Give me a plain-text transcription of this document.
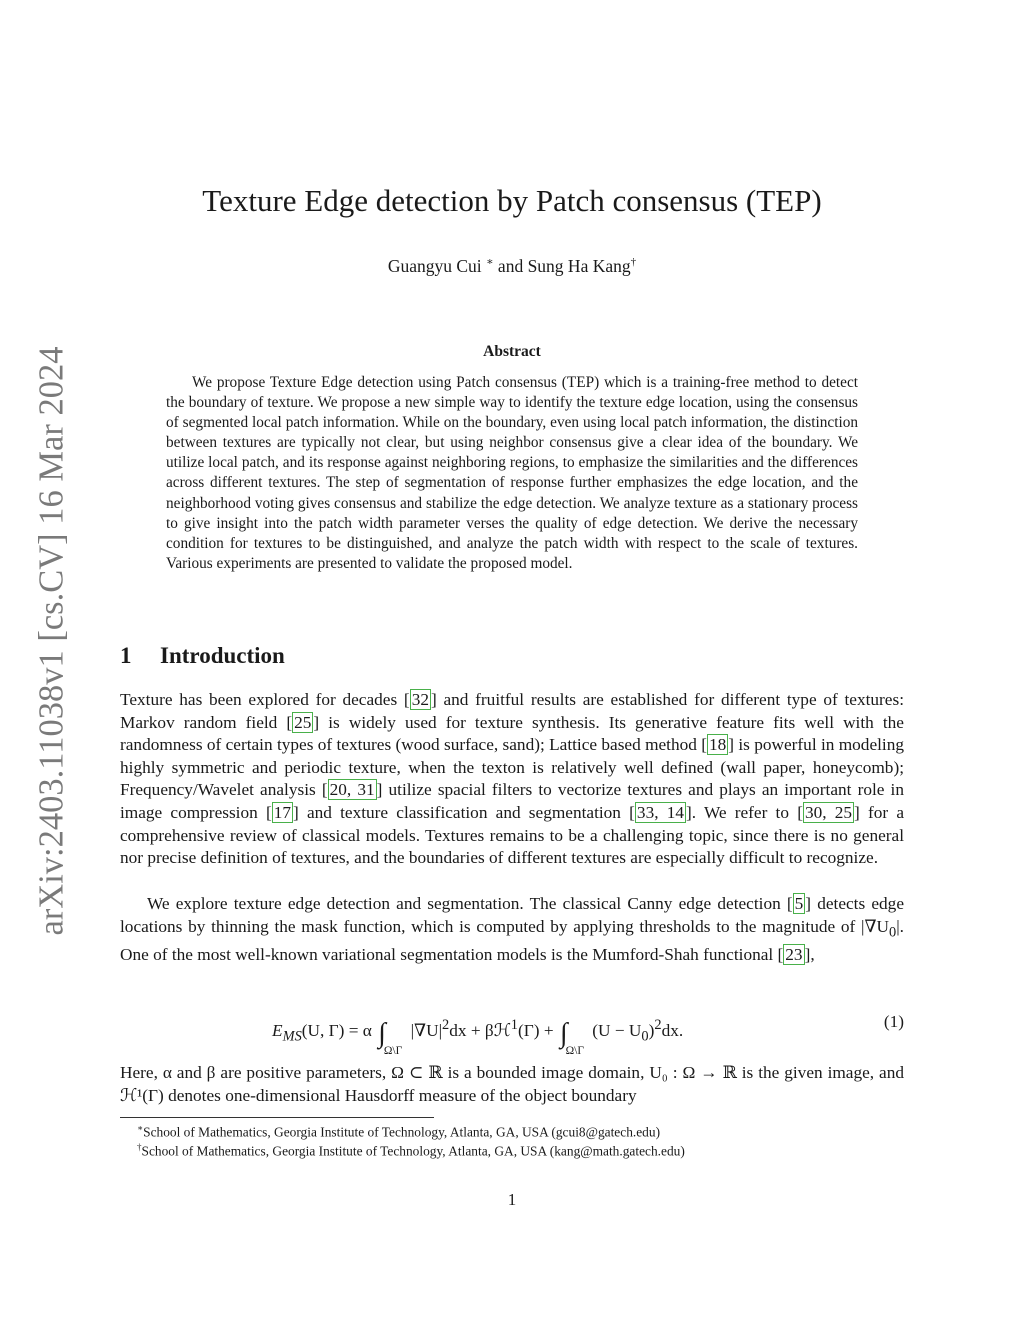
arXiv:2403.11038v1 [cs.CV] 16 Mar 2024
Texture Edge detection by Patch consensus (TEP)
Guangyu Cui ∗ and Sung Ha Kang†
Abstract

We propose Texture Edge detection using Patch consensus (TEP) which is a training-free method to detect the boundary of texture. We propose a new simple way to identify the texture edge location, using the consensus of segmented local patch information. While on the boundary, even using local patch information, the distinction between textures are typically not clear, but using neighbor consensus give a clear idea of the boundary. We utilize local patch, and its response against neighboring regions, to emphasize the similarities and the differences across different textures. The step of segmentation of response further emphasizes the edge location, and the neighborhood voting gives consensus and stabilize the edge detection. We analyze texture as a stationary process to give insight into the patch width parameter verses the quality of edge detection. We derive the necessary condition for textures to be distinguished, and analyze the patch width with respect to the scale of textures. Various experiments are presented to validate the proposed model.

1 Introduction

Texture has been explored for decades [ 32 ] and fruitful results are established for different type of textures: Markov random field [ 25 ] is widely used for texture synthesis. Its generative feature fits well with the randomness of certain types of textures (wood surface, sand); Lattice based method [ 18 ] is powerful in modeling highly symmetric and periodic texture, when the texton is relatively well defined (wall paper, honeycomb); Frequency/Wavelet analysis [ 20, 31 ] utilize spacial filters to vectorize textures and plays an important role in image compression [ 17 ] and texture classification and segmentation [ 33, 14 ]. We refer to [ 30, 25 ] for a comprehensive review of classical models. Textures remains to be a challenging topic, since there is no general nor precise definition of textures, and the boundaries of different textures are especially difficult to recognize.

We explore texture edge detection and segmentation. The classical Canny edge detection [ 5 ] detects edge locations by thinning the mask function, which is computed by applying thresholds to the magnitude of $|\nabla U_0|$. One of the most well-known variational segmentation models is the Mumford-Shah functional [ 23 ],

$E_{MS}(U$, Γ) = α $\int_{\Omega\backslash\Gamma}$ $|\nabla U|^2dx$ + βℋ$^1$(Γ) + $\int_{\Omega\backslash\Gamma}$ $(U - U_0)^2dx$.	(1)

Here, α and β are positive parameters, Ω ⊂ ℝ is a bounded image domain, U₀ : Ω → ℝ is the given image, and ℋ¹(Γ) denotes one-dimensional Hausdorff measure of the object boundary

∗School of Mathematics, Georgia Institute of Technology, Atlanta, GA, USA (gcui8@gatech.edu)
†School of Mathematics, Georgia Institute of Technology, Atlanta, GA, USA (kang@math.gatech.edu)
1
